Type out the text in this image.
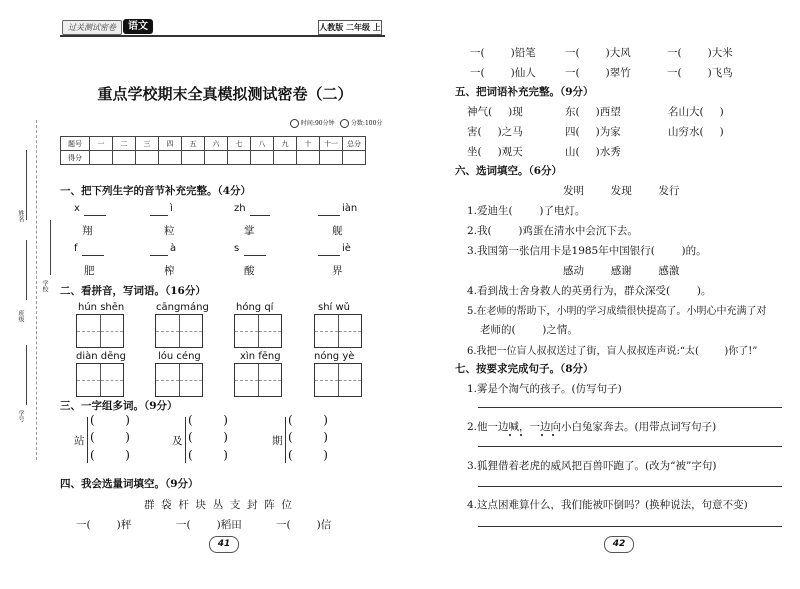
过关测试密卷	语文	人教版 二年级 上
重点学校期末全真模拟测试密卷（二）
时间:90分钟	分数:100分
题号	一	二	三	四	五	六	七	八	九	十	十一	总分
得分												
姓名
班级
学校
学号
一、把下列生字的音节补充完整。（4分）
x	ì	zh	iàn
翔	粒	掌	舰
f	à	s	iè
肥	榨	酸	界
二、看拼音，写词语。（16分）
hún shēn	cāngmáng	hóng qí	shí wǔ
diàn dēng	lóu céng	xìn fēng	nóng yè
三、一字组多词。（9分）
站
(        )
(        )
(        )
及
(        )
(        )
(        )
期
(        )
(        )
(        )
四、我会选量词填空。（9分）
群  袋  杆  块  丛  支  封  阵  位
一( )秤	一( )稻田	一( )信
41
一( )铅笔	一( )大风	一( )大米
一( )仙人	一( )翠竹	一( )飞鸟
五、把词语补充完整。（9分）
神气( )现	东( )西望	名山大( )
害( )之马	四( )为家	山穷水( )
坐( )观天	山( )水秀
六、选词填空。（6分）
发明        发现        发行
1.爱迪生(        )了电灯。
2.我(        )鸡蛋在清水中会沉下去。
3.我国第一张信用卡是1985年中国银行(        )的。
感动        感谢        感激
4.看到战士舍身救人的英勇行为，群众深受(        )。
5.在老师的帮助下，小明的学习成绩很快提高了。小明心中充满了对
老师的(        )之情。
6.我把一位盲人叔叔送过了街，盲人叔叔连声说:“太(        )你了!”
七、按要求完成句子。（8分）
1.雾是个淘气的孩子。(仿写句子)
2.他一边喊，一边向小白兔家奔去。(用带点词写句子)
3.狐狸借着老虎的威风把百兽吓跑了。(改为“被”字句)
4.这点困难算什么，我们能被吓倒吗？(换种说法，句意不变)
42
